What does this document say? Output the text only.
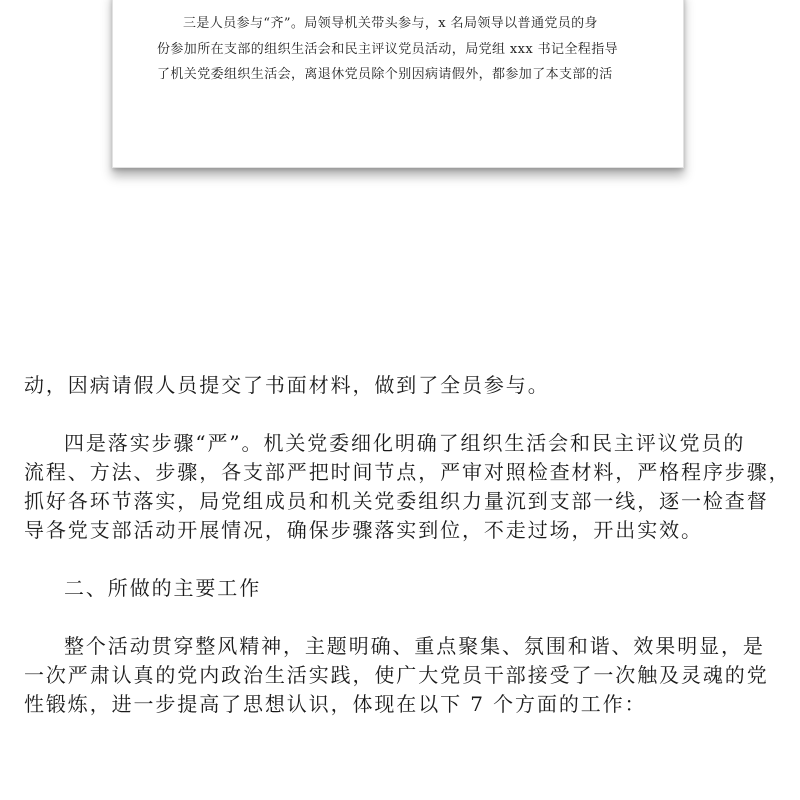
三是人员参与“齐”。局领导机关带头参与，x 名局领导以普通党员的身
份参加所在支部的组织生活会和民主评议党员活动，局党组 xxx 书记全程指导
了机关党委组织生活会，离退休党员除个别因病请假外，都参加了本支部的活
动，因病请假人员提交了书面材料，做到了全员参与。
四是落实步骤“严”。机关党委细化明确了组织生活会和民主评议党员的
流程、方法、步骤，各支部严把时间节点，严审对照检查材料，严格程序步骤，
抓好各环节落实，局党组成员和机关党委组织力量沉到支部一线，逐一检查督
导各党支部活动开展情况，确保步骤落实到位，不走过场，开出实效。
二、所做的主要工作
整个活动贯穿整风精神，主题明确、重点聚集、氛围和谐、效果明显，是
一次严肃认真的党内政治生活实践，使广大党员干部接受了一次触及灵魂的党
性锻炼，进一步提高了思想认识，体现在以下 7 个方面的工作：
